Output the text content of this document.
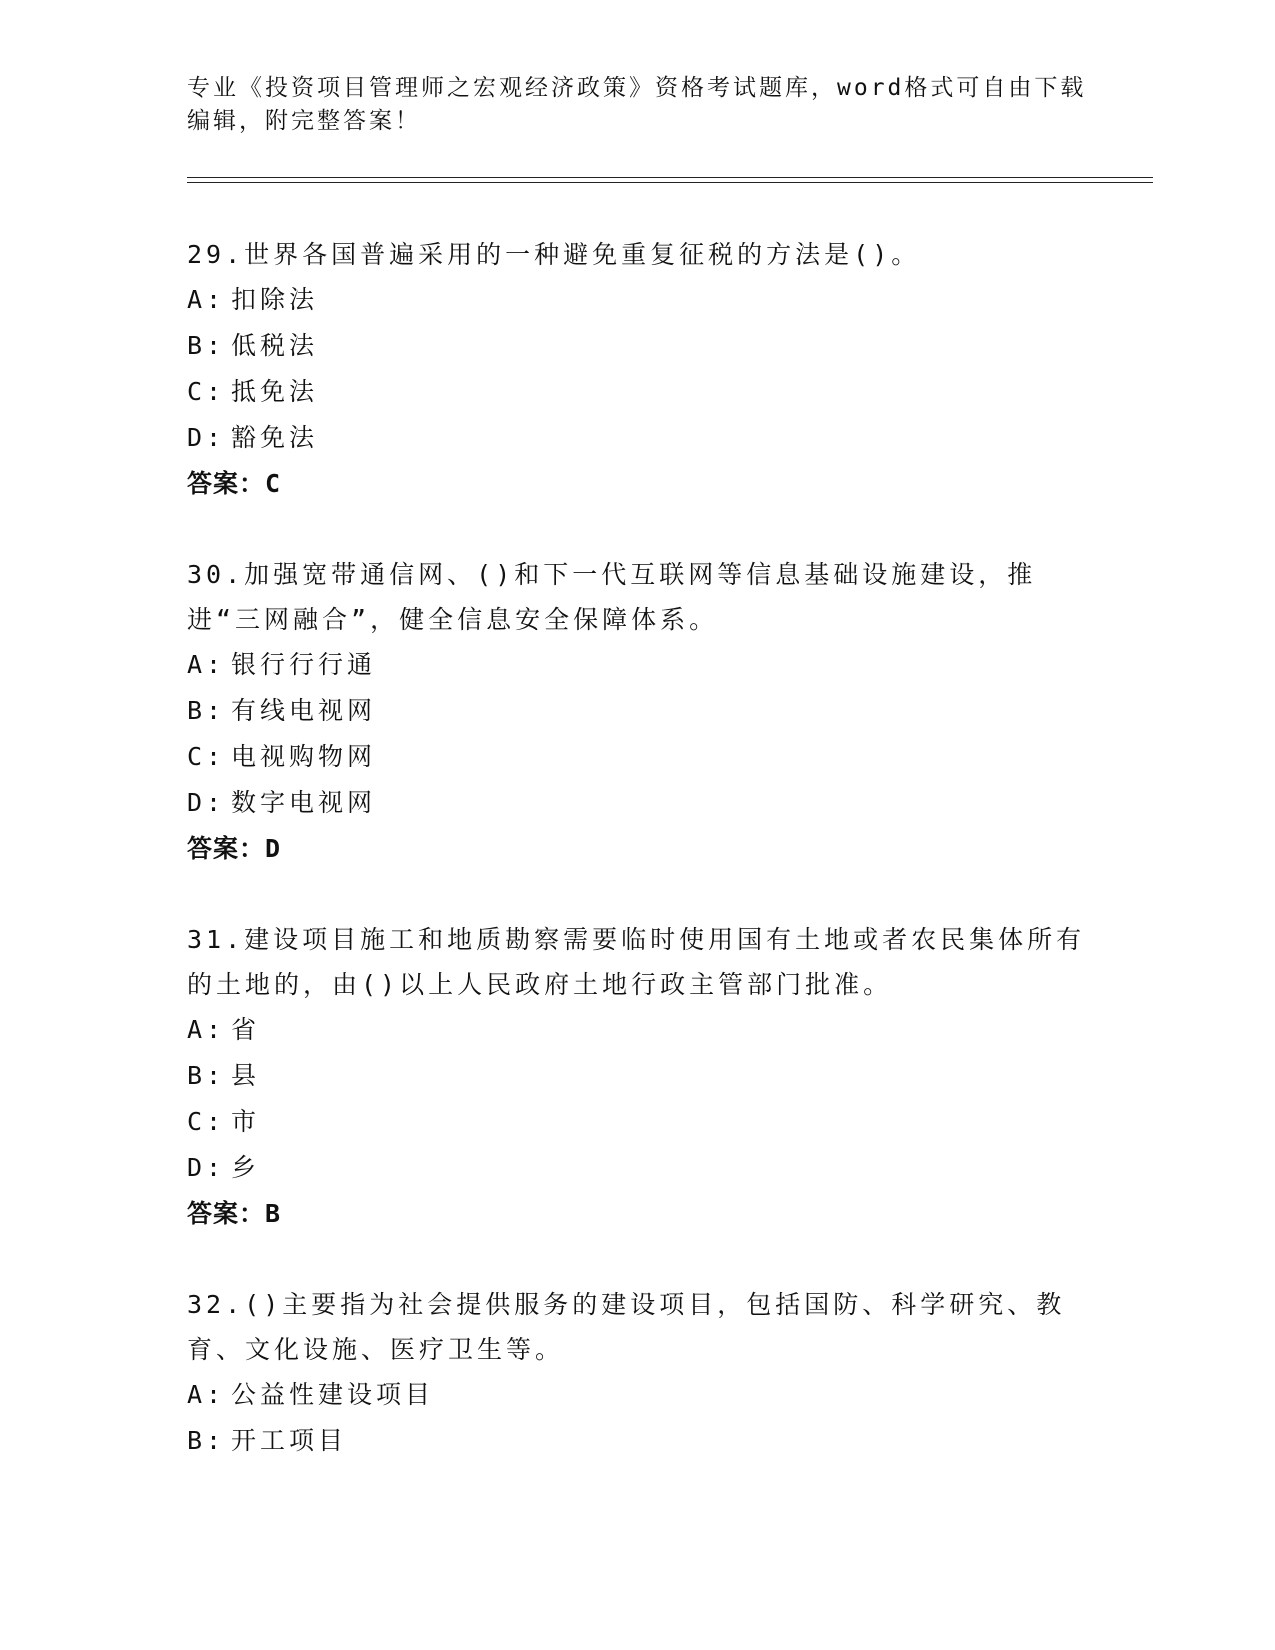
专业《投资项目管理师之宏观经济政策》资格考试题库，word格式可自由下载编辑，附完整答案！

29.世界各国普遍采用的一种避免重复征税的方法是()。

A: 扣除法

B: 低税法

C: 抵免法

D: 豁免法

答案：C

30.加强宽带通信网、()和下一代互联网等信息基础设施建设，推进“三网融合”，健全信息安全保障体系。

A: 银行行行通

B: 有线电视网

C: 电视购物网

D: 数字电视网

答案：D

31.建设项目施工和地质勘察需要临时使用国有土地或者农民集体所有的土地的，由()以上人民政府土地行政主管部门批准。

A: 省

B: 县

C: 市

D: 乡

答案：B

32.()主要指为社会提供服务的建设项目，包括国防、科学研究、教育、文化设施、医疗卫生等。

A: 公益性建设项目

B: 开工项目
